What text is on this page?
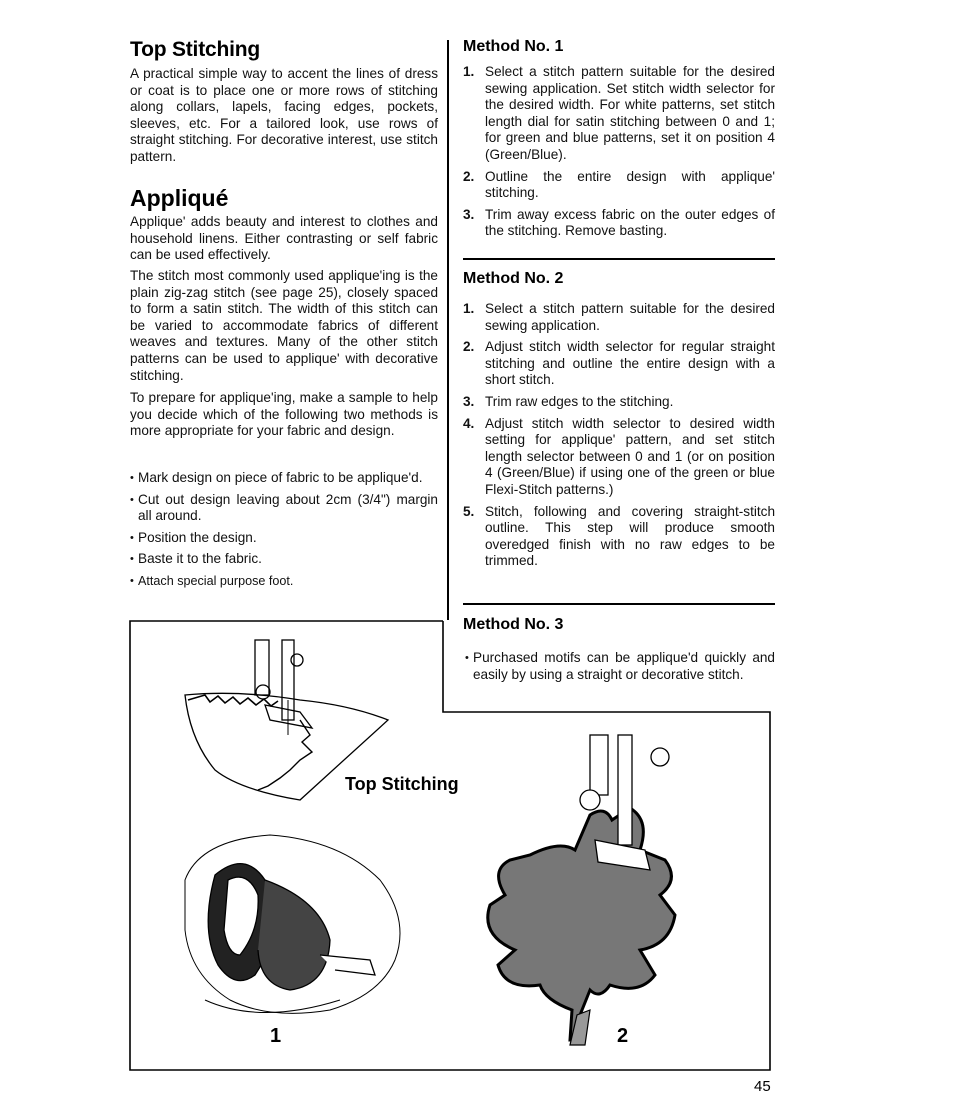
Top Stitching

A practical simple way to accent the lines of dress or coat is to place one or more rows of stitching along collars, lapels, facing edges, pockets, sleeves, etc. For a tailored look, use rows of straight stitching. For decorative interest, use stitch pattern.

Appliqué

Applique' adds beauty and interest to clothes and household linens. Either contrasting or self fabric can be used effectively.

The stitch most commonly used applique'ing is the plain zig-zag stitch (see page 25), closely spaced to form a satin stitch. The width of this stitch can be varied to accommodate fabrics of different weaves and textures. Many of the other stitch patterns can be used to applique' with decorative stitching.

To prepare for applique'ing, make a sample to help you decide which of the following two methods is more appropriate for your fabric and design.

• Mark design on piece of fabric to be applique'd.
• Cut out design leaving about 2cm (3/4") margin all around.
• Position the design.
• Baste it to the fabric.
• Attach special purpose foot.
Method No. 1
1. Select a stitch pattern suitable for the desired sewing application. Set stitch width selector for the desired width. For white patterns, set stitch length dial for satin stitching between 0 and 1; for green and blue patterns, set it on position 4 (Green/Blue).
2. Outline the entire design with applique' stitching.
3. Trim away excess fabric on the outer edges of the stitching. Remove basting.
Method No. 2
1. Select a stitch pattern suitable for the desired sewing application.
2. Adjust stitch width selector for regular straight stitching and outline the entire design with a short stitch.
3. Trim raw edges to the stitching.
4. Adjust stitch width selector to desired width setting for applique' pattern, and set stitch length selector between 0 and 1 (or on position 4 (Green/Blue) if using one of the green or blue Flexi-Stitch patterns.)
5. Stitch, following and covering straight-stitch outline. This step will produce smooth overedged finish with no raw edges to be trimmed.
Method No. 3
• Purchased motifs can be applique'd quickly and easily by using a straight or decorative stitch.
Top Stitching
1	2
45
